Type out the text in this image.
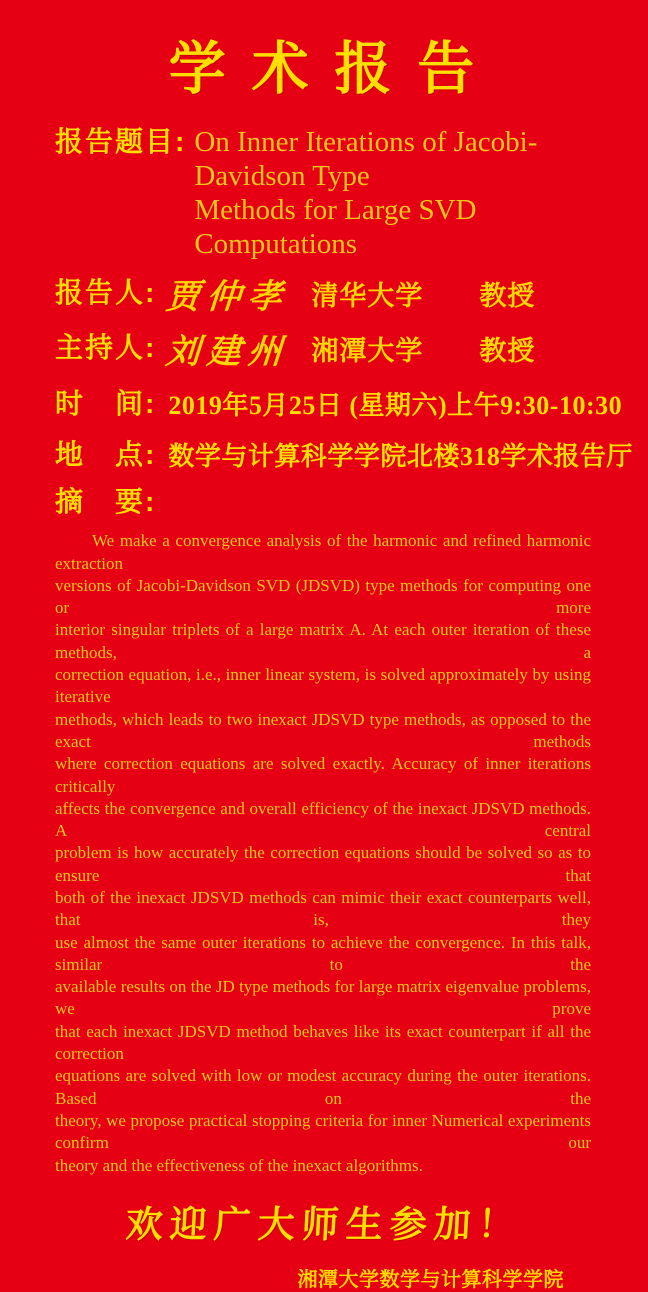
学 术 报 告
报告题目: On Inner Iterations of Jacobi-Davidson Type
Methods for Large SVD Computations
报告人: 贾仲孝 清华大学 教授
主持人: 刘建州 湘潭大学 教授
时　间: 2019年5月25日 (星期六)上午9:30-10:30
地　点: 数学与计算科学学院北楼318学术报告厅
摘　要:
We make a convergence analysis of the harmonic and refined harmonic extraction
versions of Jacobi-Davidson SVD (JDSVD) type methods for computing one or more
interior singular triplets of a large matrix A. At each outer iteration of these methods, a
correction equation, i.e., inner linear system, is solved approximately by using iterative
methods, which leads to two inexact JDSVD type methods, as opposed to the exact methods
where correction equations are solved exactly. Accuracy of inner iterations critically
affects the convergence and overall efficiency of the inexact JDSVD methods. A central
problem is how accurately the correction equations should be solved so as to ensure that
both of the inexact JDSVD methods can mimic their exact counterparts well, that is, they
use almost the same outer iterations to achieve the convergence. In this talk, similar to the
available results on the JD type methods for large matrix eigenvalue problems, we prove
that each inexact JDSVD method behaves like its exact counterpart if all the correction
equations are solved with low or modest accuracy during the outer iterations. Based on the
theory, we propose practical stopping criteria for inner Numerical experiments confirm our
theory and the effectiveness of the inexact algorithms.
欢迎广大师生参加！
湘潭大学数学与计算科学学院
